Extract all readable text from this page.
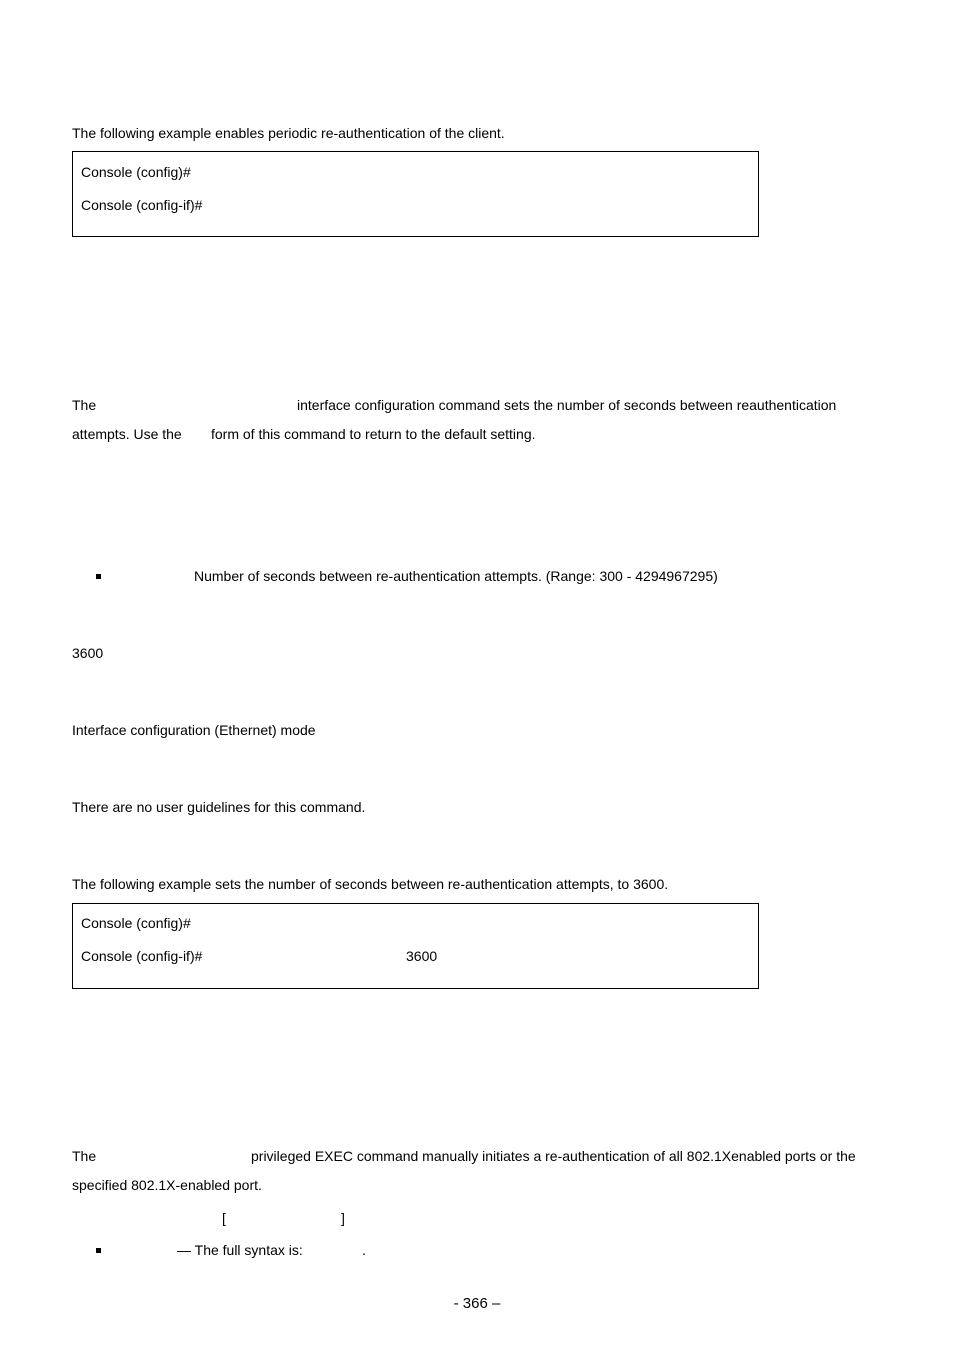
The following example enables periodic re-authentication of the client.
Console (config)#
Console (config-if)#
The	interface configuration command sets the number of seconds between reauthentication
attempts. Use the form of this command to return to the default setting.
Number of seconds between re-authentication attempts. (Range: 300 - 4294967295)
3600
Interface configuration (Ethernet) mode
There are no user guidelines for this command.
The following example sets the number of seconds between re-authentication attempts, to 3600.
Console (config)#
Console (config-if)#	3600
The	privileged EXEC command manually initiates a re-authentication of all 802.1Xenabled ports or the
specified 802.1X-enabled port.
[	]
— The full syntax is:	.
- 366 –
